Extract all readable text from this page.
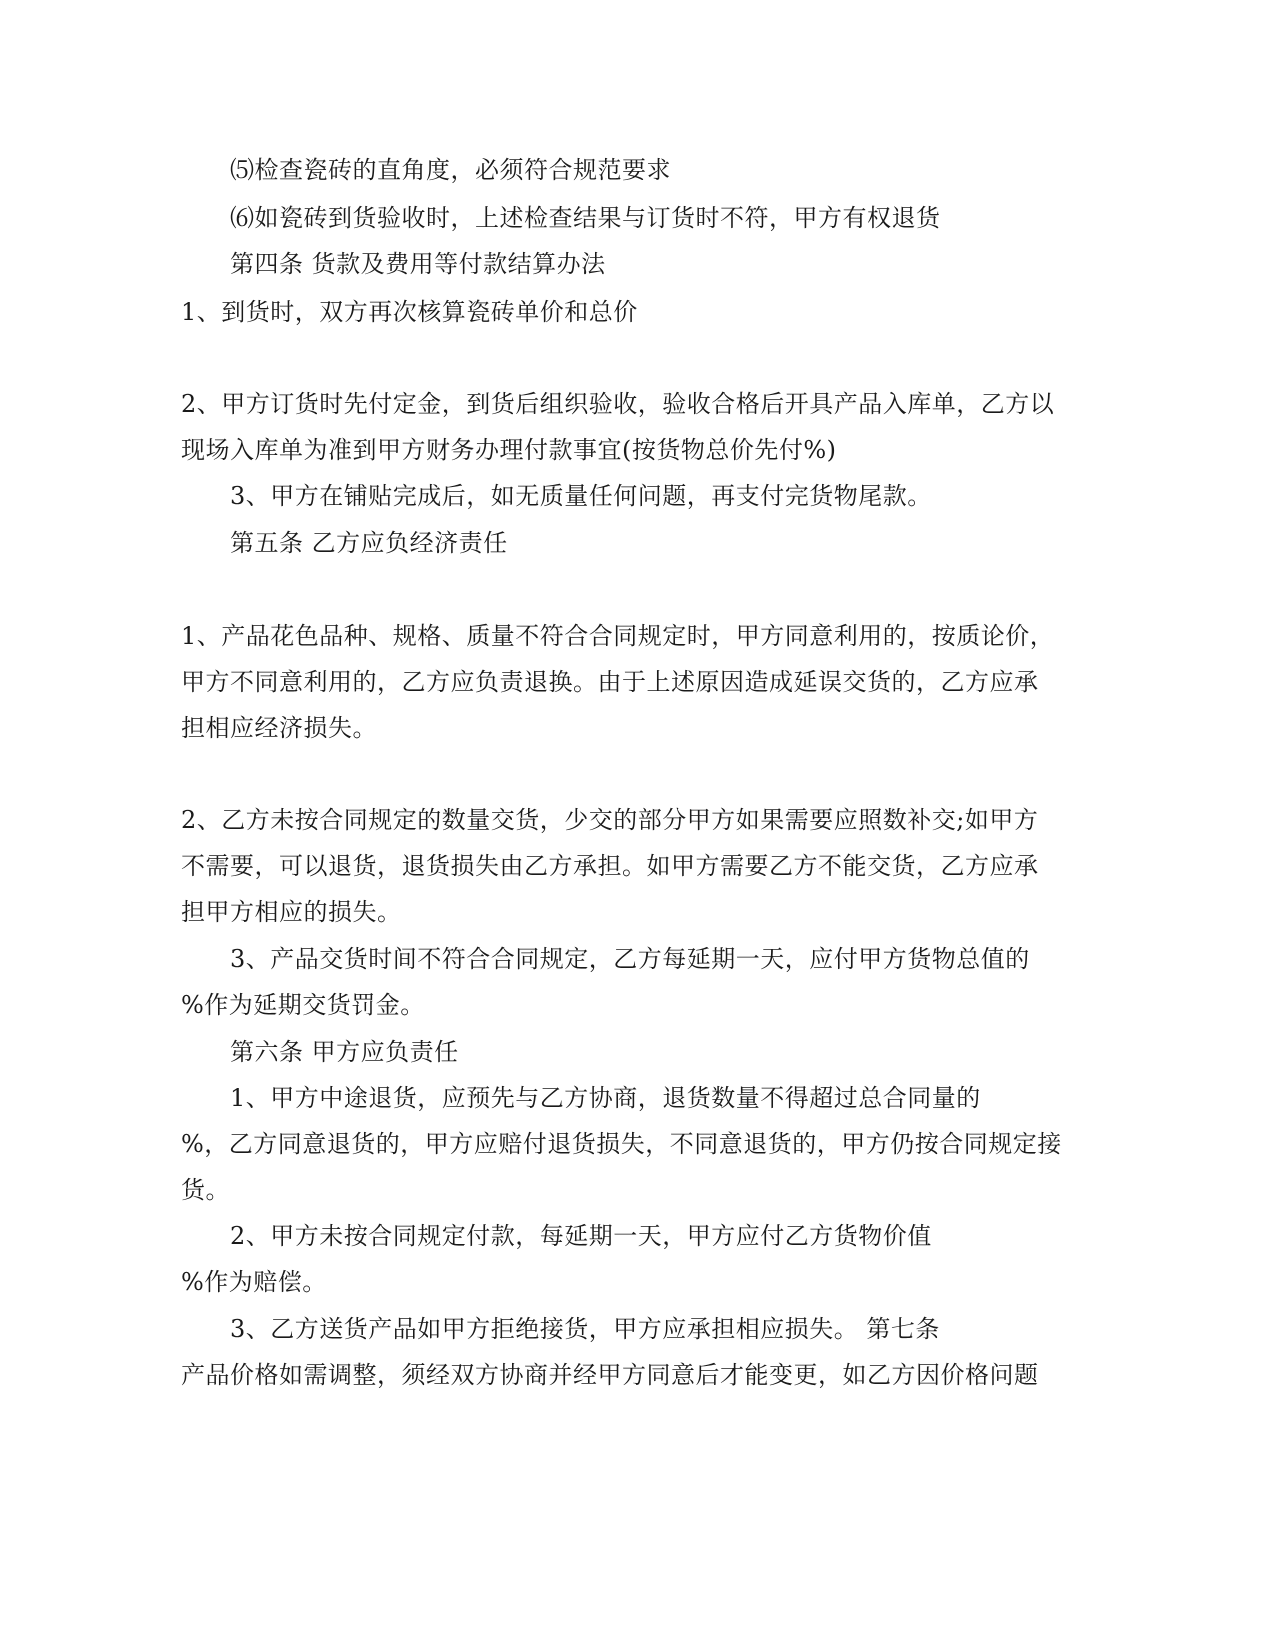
⑸检查瓷砖的直角度，必须符合规范要求
⑹如瓷砖到货验收时，上述检查结果与订货时不符，甲方有权退货
第四条 货款及费用等付款结算办法
1、到货时，双方再次核算瓷砖单价和总价
2、甲方订货时先付定金，到货后组织验收，验收合格后开具产品入库单，乙方以
现场入库单为准到甲方财务办理付款事宜(按货物总价先付%)
3、甲方在铺贴完成后，如无质量任何问题，再支付完货物尾款。
第五条 乙方应负经济责任
1、产品花色品种、规格、质量不符合合同规定时，甲方同意利用的，按质论价，
甲方不同意利用的，乙方应负责退换。由于上述原因造成延误交货的，乙方应承
担相应经济损失。
2、乙方未按合同规定的数量交货，少交的部分甲方如果需要应照数补交;如甲方
不需要，可以退货，退货损失由乙方承担。如甲方需要乙方不能交货，乙方应承
担甲方相应的损失。
3、产品交货时间不符合合同规定，乙方每延期一天，应付甲方货物总值的
%作为延期交货罚金。
第六条 甲方应负责任
1、甲方中途退货，应预先与乙方协商，退货数量不得超过总合同量的
%，乙方同意退货的，甲方应赔付退货损失，不同意退货的，甲方仍按合同规定接
货。
2、甲方未按合同规定付款，每延期一天，甲方应付乙方货物价值
%作为赔偿。
3、乙方送货产品如甲方拒绝接货，甲方应承担相应损失。 第七条
产品价格如需调整，须经双方协商并经甲方同意后才能变更，如乙方因价格问题
